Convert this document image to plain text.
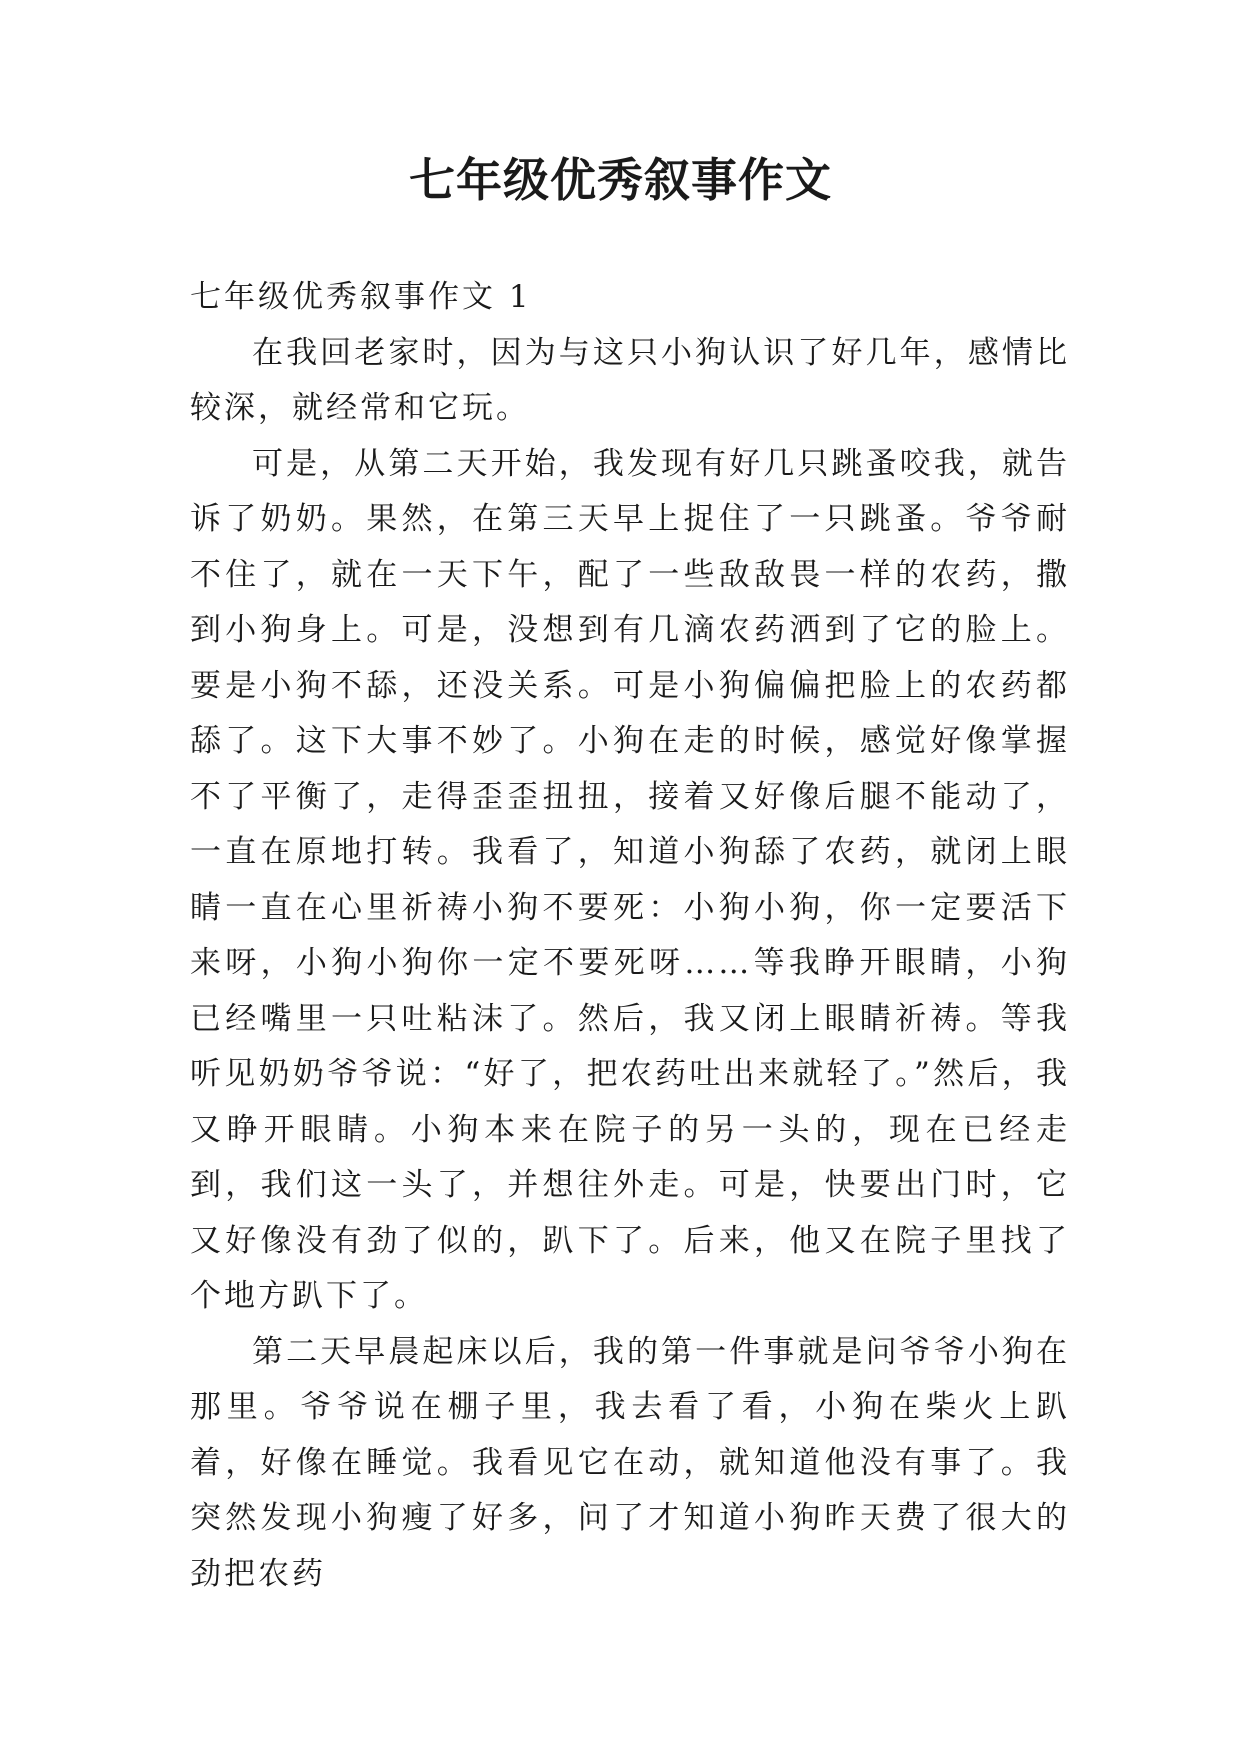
七年级优秀叙事作文
七年级优秀叙事作文 1

在我回老家时，因为与这只小狗认识了好几年，感情比较深，就经常和它玩。

可是，从第二天开始，我发现有好几只跳蚤咬我，就告诉了奶奶。果然，在第三天早上捉住了一只跳蚤。爷爷耐不住了，就在一天下午，配了一些敌敌畏一样的农药，撒到小狗身上。可是，没想到有几滴农药洒到了它的脸上。要是小狗不舔，还没关系。可是小狗偏偏把脸上的农药都舔了。这下大事不妙了。小狗在走的时候，感觉好像掌握不了平衡了，走得歪歪扭扭，接着又好像后腿不能动了，一直在原地打转。我看了，知道小狗舔了农药，就闭上眼睛一直在心里祈祷小狗不要死：小狗小狗，你一定要活下来呀，小狗小狗你一定不要死呀……等我睁开眼睛，小狗已经嘴里一只吐粘沫了。然后，我又闭上眼睛祈祷。等我听见奶奶爷爷说：“好了，把农药吐出来就轻了。”然后，我又睁开眼睛。小狗本来在院子的另一头的，现在已经走到，我们这一头了，并想往外走。可是，快要出门时，它又好像没有劲了似的，趴下了。后来，他又在院子里找了个地方趴下了。

第二天早晨起床以后，我的第一件事就是问爷爷小狗在那里。爷爷说在棚子里，我去看了看，小狗在柴火上趴着，好像在睡觉。我看见它在动，就知道他没有事了。我突然发现小狗瘦了好多，问了才知道小狗昨天费了很大的劲把农药
